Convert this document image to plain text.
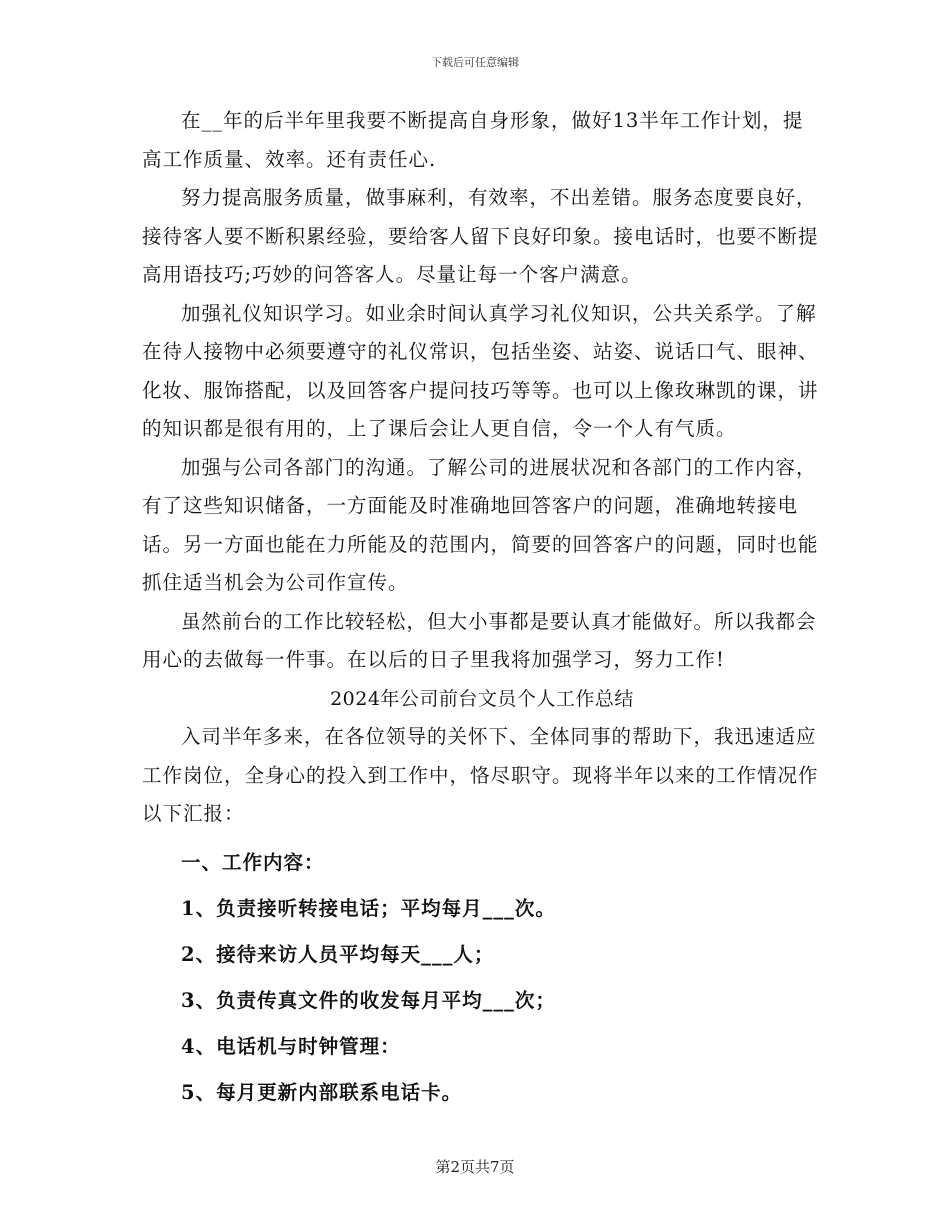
下载后可任意编辑

在__年的后半年里我要不断提高自身形象，做好13半年工作计划，提高工作质量、效率。还有责任心.

努力提高服务质量，做事麻利，有效率，不出差错。服务态度要良好，接待客人要不断积累经验，要给客人留下良好印象。接电话时，也要不断提高用语技巧;巧妙的问答客人。尽量让每一个客户满意。

加强礼仪知识学习。如业余时间认真学习礼仪知识，公共关系学。了解在待人接物中必须要遵守的礼仪常识，包括坐姿、站姿、说话口气、眼神、化妆、服饰搭配，以及回答客户提问技巧等等。也可以上像玫琳凯的课，讲的知识都是很有用的，上了课后会让人更自信，令一个人有气质。

加强与公司各部门的沟通。了解公司的进展状况和各部门的工作内容，有了这些知识储备，一方面能及时准确地回答客户的问题，准确地转接电话。另一方面也能在力所能及的范围内，简要的回答客户的问题，同时也能抓住适当机会为公司作宣传。

虽然前台的工作比较轻松，但大小事都是要认真才能做好。所以我都会用心的去做每一件事。在以后的日子里我将加强学习，努力工作!

2024年公司前台文员个人工作总结

入司半年多来，在各位领导的关怀下、全体同事的帮助下，我迅速适应工作岗位，全身心的投入到工作中，恪尽职守。现将半年以来的工作情况作以下汇报：

一、工作内容：

1、负责接听转接电话；平均每月___次。

2、接待来访人员平均每天___人；

3、负责传真文件的收发每月平均___次；

4、电话机与时钟管理：

5、每月更新内部联系电话卡。

第2页共7页
